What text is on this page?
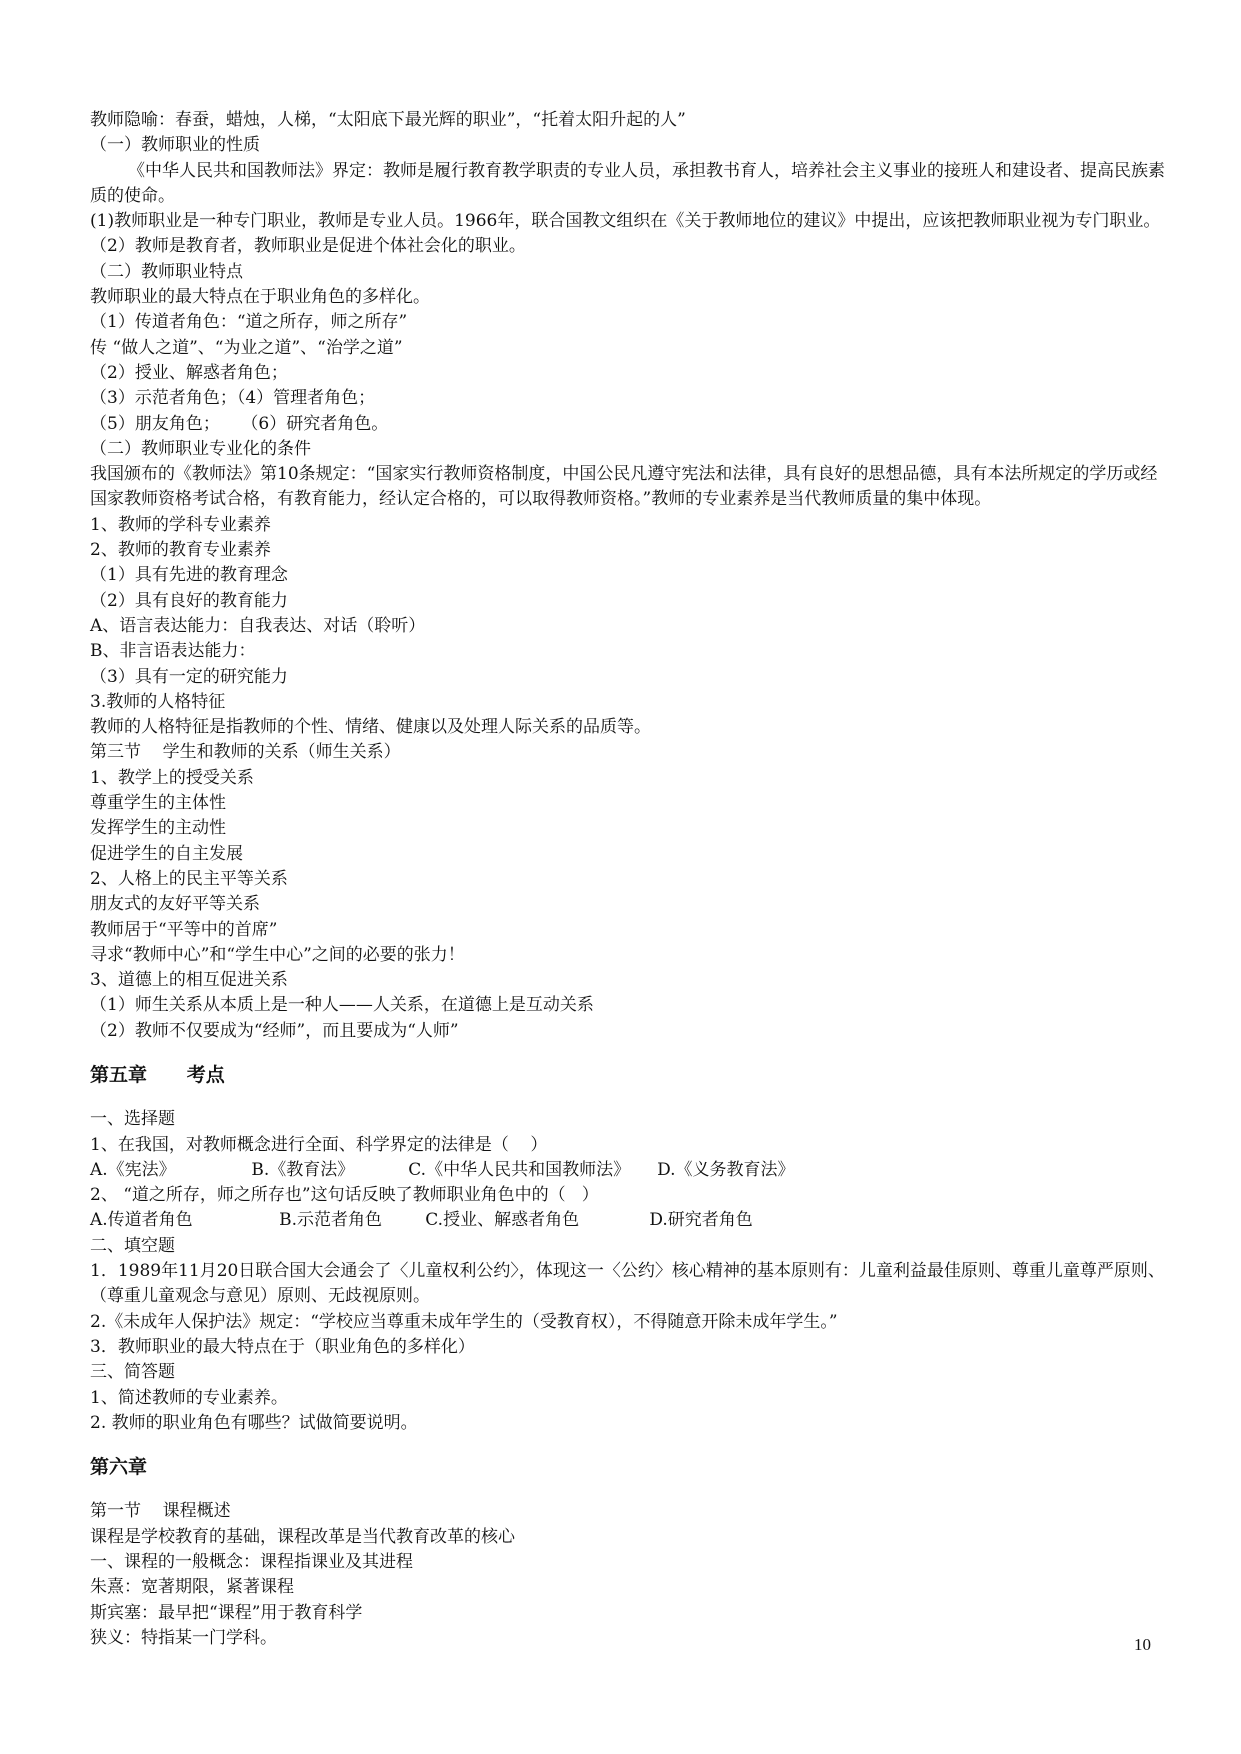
教师隐喻：春蚕，蜡烛，人梯，“太阳底下最光辉的职业”，“托着太阳升起的人”

（一）教师职业的性质

《中华人民共和国教师法》界定：教师是履行教育教学职责的专业人员，承担教书育人，培养社会主义事业的接班人和建设者、提高民族素质的使命。

(1)教师职业是一种专门职业，教师是专业人员。1966年，联合国教文组织在《关于教师地位的建议》中提出，应该把教师职业视为专门职业。

（2）教师是教育者，教师职业是促进个体社会化的职业。

（二）教师职业特点

教师职业的最大特点在于职业角色的多样化。

（1）传道者角色：“道之所存，师之所存”

传 “做人之道”、“为业之道”、“治学之道”

（2）授业、解惑者角色；

（3）示范者角色；（4）管理者角色；

（5）朋友角色；    （6）研究者角色。

（二）教师职业专业化的条件

我国颁布的《教师法》第10条规定：“国家实行教师资格制度，中国公民凡遵守宪法和法律，具有良好的思想品德，具有本法所规定的学历或经国家教师资格考试合格，有教育能力，经认定合格的，可以取得教师资格。”教师的专业素养是当代教师质量的集中体现。

1、教师的学科专业素养

2、教师的教育专业素养

（1）具有先进的教育理念

（2）具有良好的教育能力

A、语言表达能力：自我表达、对话（聆听）

B、非言语表达能力：

（3）具有一定的研究能力

3.教师的人格特征

教师的人格特征是指教师的个性、情绪、健康以及处理人际关系的品质等。

第三节    学生和教师的关系（师生关系）

1、教学上的授受关系

尊重学生的主体性

发挥学生的主动性

促进学生的自主发展

2、人格上的民主平等关系

朋友式的友好平等关系

教师居于“平等中的首席”

寻求“教师中心”和“学生中心”之间的必要的张力！

3、道德上的相互促进关系

（1）师生关系从本质上是一种人——人关系，在道德上是互动关系

（2）教师不仅要成为“经师”，而且要成为“人师”

第五章      考点

一、选择题

1、在我国，对教师概念进行全面、科学界定的法律是（    ）

A.《宪法》              B.《教育法》          C.《中华人民共和国教师法》     D.《义务教育法》

2、 “道之所存，师之所存也”这句话反映了教师职业角色中的（   ）

A.传道者角色                B.示范者角色        C.授业、解惑者角色             D.研究者角色

二、填空题

1．1989年11月20日联合国大会通会了〈儿童权利公约〉，体现这一〈公约〉核心精神的基本原则有：儿童利益最佳原则、尊重儿童尊严原则、（尊重儿童观念与意见）原则、无歧视原则。

2.《未成年人保护法》规定：“学校应当尊重未成年学生的（受教育权），不得随意开除未成年学生。”

3．教师职业的最大特点在于（职业角色的多样化）

三、简答题

1、简述教师的专业素养。

2. 教师的职业角色有哪些？试做简要说明。

第六章

第一节    课程概述

课程是学校教育的基础，课程改革是当代教育改革的核心

一、课程的一般概念：课程指课业及其进程

朱熹：宽著期限，紧著课程

斯宾塞：最早把“课程”用于教育科学

狭义：特指某一门学科。	10
